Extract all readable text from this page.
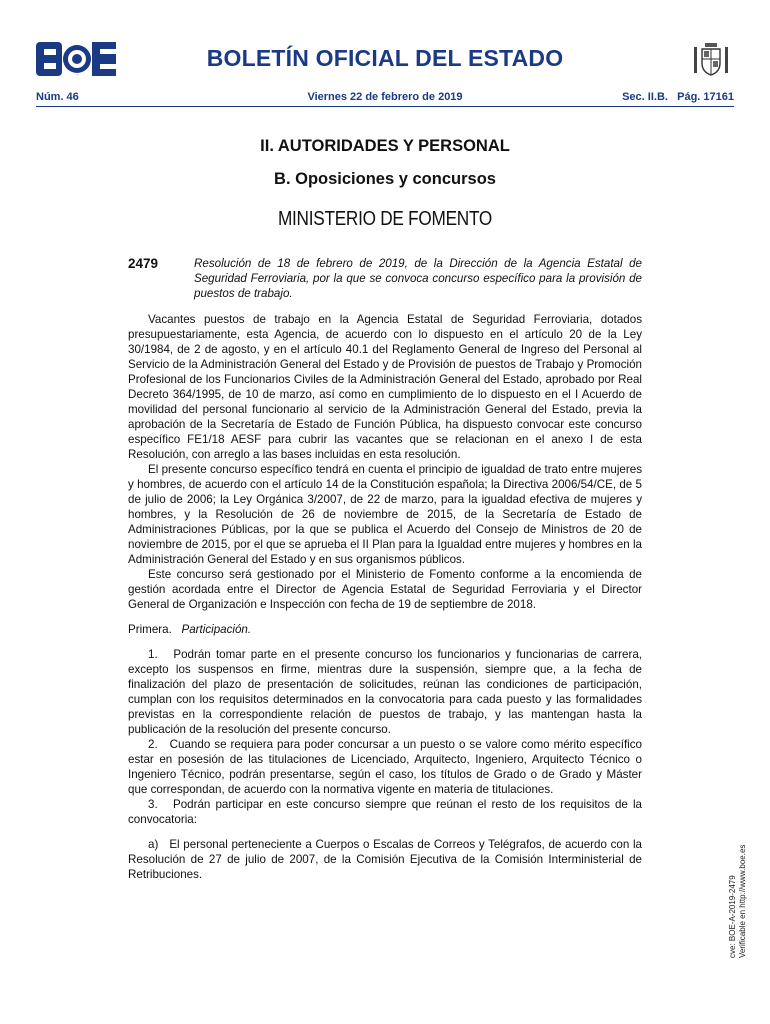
BOE
BOLETÍN OFICIAL DEL ESTADO
Núm. 46	Viernes 22 de febrero de 2019	Sec. II.B.   Pág. 17161
II. AUTORIDADES Y PERSONAL
B. Oposiciones y concursos
MINISTERIO DE FOMENTO
2479	Resolución de 18 de febrero de 2019, de la Dirección de la Agencia Estatal de Seguridad Ferroviaria, por la que se convoca concurso específico para la provisión de puestos de trabajo.

Vacantes puestos de trabajo en la Agencia Estatal de Seguridad Ferroviaria, dotados presupuestariamente, esta Agencia, de acuerdo con lo dispuesto en el artículo 20 de la Ley 30/1984, de 2 de agosto, y en el artículo 40.1 del Reglamento General de Ingreso del Personal al Servicio de la Administración General del Estado y de Provisión de puestos de Trabajo y Promoción Profesional de los Funcionarios Civiles de la Administración General del Estado, aprobado por Real Decreto 364/1995, de 10 de marzo, así como en cumplimiento de lo dispuesto en el I Acuerdo de movilidad del personal funcionario al servicio de la Administración General del Estado, previa la aprobación de la Secretaría de Estado de Función Pública, ha dispuesto convocar este concurso específico FE1/18 AESF para cubrir las vacantes que se relacionan en el anexo I de esta Resolución, con arreglo a las bases incluidas en esta resolución.

El presente concurso específico tendrá en cuenta el principio de igualdad de trato entre mujeres y hombres, de acuerdo con el artículo 14 de la Constitución española; la Directiva 2006/54/CE, de 5 de julio de 2006; la Ley Orgánica 3/2007, de 22 de marzo, para la igualdad efectiva de mujeres y hombres, y la Resolución de 26 de noviembre de 2015, de la Secretaría de Estado de Administraciones Públicas, por la que se publica el Acuerdo del Consejo de Ministros de 20 de noviembre de 2015, por el que se aprueba el II Plan para la Igualdad entre mujeres y hombres en la Administración General del Estado y en sus organismos públicos.

Este concurso será gestionado por el Ministerio de Fomento conforme a la encomienda de gestión acordada entre el Director de Agencia Estatal de Seguridad Ferroviaria y el Director General de Organización e Inspección con fecha de 19 de septiembre de 2018.

Primera. Participación.

1.   Podrán tomar parte en el presente concurso los funcionarios y funcionarias de carrera, excepto los suspensos en firme, mientras dure la suspensión, siempre que, a la fecha de finalización del plazo de presentación de solicitudes, reúnan las condiciones de participación, cumplan con los requisitos determinados en la convocatoria para cada puesto y las formalidades previstas en la correspondiente relación de puestos de trabajo, y las mantengan hasta la publicación de la resolución del presente concurso.

2.   Cuando se requiera para poder concursar a un puesto o se valore como mérito específico estar en posesión de las titulaciones de Licenciado, Arquitecto, Ingeniero, Arquitecto Técnico o Ingeniero Técnico, podrán presentarse, según el caso, los títulos de Grado o de Grado y Máster que correspondan, de acuerdo con la normativa vigente en materia de titulaciones.

3.   Podrán participar en este concurso siempre que reúnan el resto de los requisitos de la convocatoria:

a)   El personal perteneciente a Cuerpos o Escalas de Correos y Telégrafos, de acuerdo con la Resolución de 27 de julio de 2007, de la Comisión Ejecutiva de la Comisión Interministerial de Retribuciones.

cve: BOE-A-2019-2479 Verificable en http://www.boe.es
